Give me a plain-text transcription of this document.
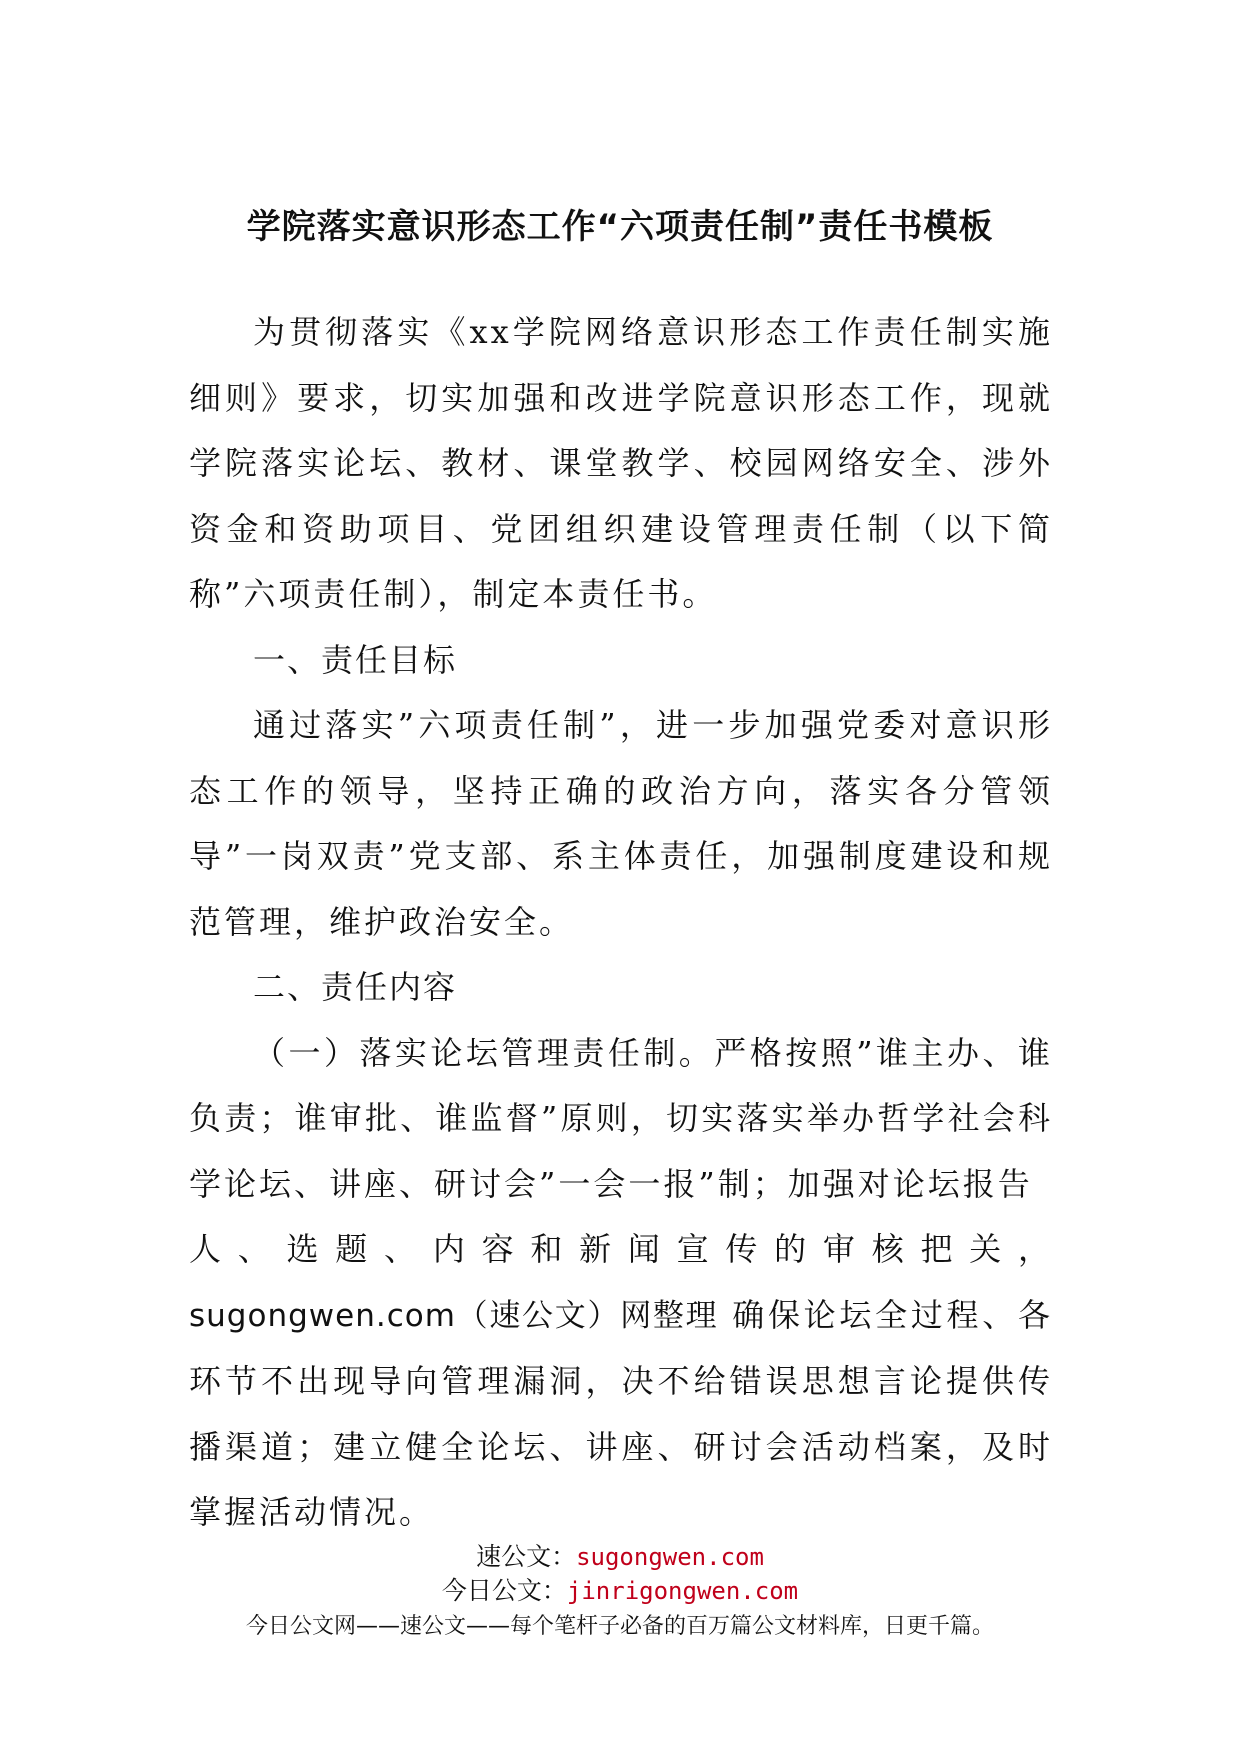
学院落实意识形态工作“六项责任制”责任书模板

为贯彻落实《xx学院网络意识形态工作责任制实施细则》要求，切实加强和改进学院意识形态工作，现就学院落实论坛、教材、课堂教学、校园网络安全、涉外资金和资助项目、党团组织建设管理责任制（以下简称”六项责任制），制定本责任书。

一、责任目标

通过落实”六项责任制”，进一步加强党委对意识形态工作的领导，坚持正确的政治方向，落实各分管领导”一岗双责”党支部、系主体责任，加强制度建设和规范管理，维护政治安全。

二、责任内容

（一）落实论坛管理责任制。严格按照”谁主办、谁负责；谁审批、谁监督”原则，切实落实举办哲学社会科学论坛、讲座、研讨会”一会一报”制；加强对论坛报告

人、选题、内容和新闻宣传的审核把关，

sugongwen.com（速公文）网整理 确保论坛全过程、各环节不出现导向管理漏洞，决不给错误思想言论提供传播渠道；建立健全论坛、讲座、研讨会活动档案，及时掌握活动情况。

速公文：sugongwen.com
今日公文：jinrigongwen.com
今日公文网——速公文——每个笔杆子必备的百万篇公文材料库，日更千篇。
